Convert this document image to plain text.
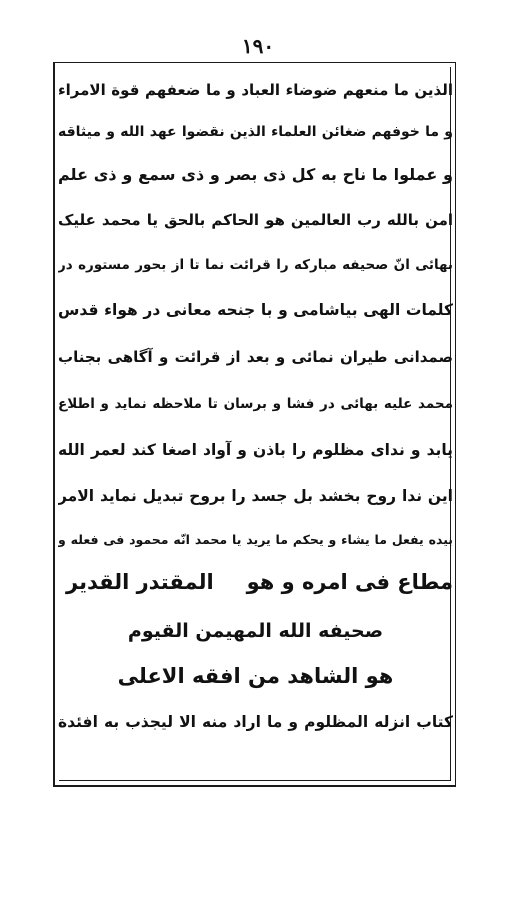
۱۹۰
الذین ما منعهم ضوضاء العباد و ما ضعفهم قوة الامراء
و ما خوفهم ضغائن العلماء الذین نقضوا عهد الله و میثاقه
و عملوا ما ناح به کل ذی بصر و ذی سمع و ذی علم
امن بالله رب العالمین هو الحاکم بالحق یا محمد علیک
بهائی انّ صحیفه مبارکه را قرائت نما تا از بحور مستوره در
کلمات الهی بیاشامی و با جنحه معانی در هواء قدس
صمدانی طیران نمائی و بعد از قرائت و آگاهی بجناب
محمد علیه بهائی در فشا و برسان تا ملاحظه نماید و اطلاع
یابد و ندای مظلوم را باذن و آواد اصغا کند لعمر الله
این ندا روح بخشد بل جسد را بروح تبدیل نماید الامر
بیده یفعل ما یشاء و یحکم ما یرید یا محمد انّه محمود فی فعله و
مطاع فی امره و هو
المقتدر القدیر
صحیفه الله المهیمن القیوم
هو الشاهد من افقه الاعلی
کتاب انزله المظلوم و ما اراد منه الا لیجذب به افئدة
